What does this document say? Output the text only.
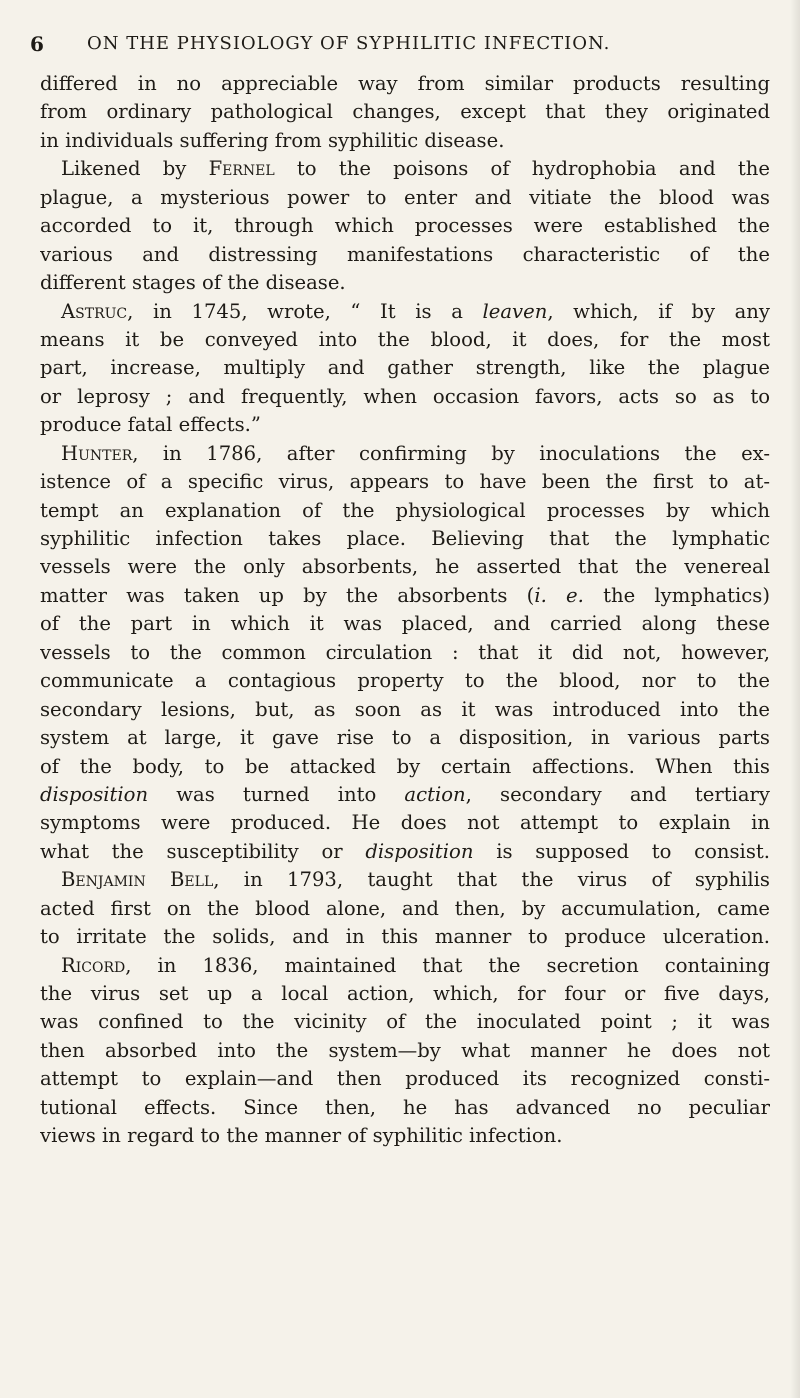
6 ON THE PHYSIOLOGY OF SYPHILITIC INFECTION.
differed in no appreciable way from similar products resulting
from ordinary pathological changes, except that they originated
in individuals suffering from syphilitic disease.
Likened by Fernel to the poisons of hydrophobia and the
plague, a mysterious power to enter and vitiate the blood was
accorded to it, through which processes were established the
various and distressing manifestations characteristic of the
different stages of the disease.
Astruc, in 1745, wrote, “ It is a leaven, which, if by any
means it be conveyed into the blood, it does, for the most
part, increase, multiply and gather strength, like the plague
or leprosy ; and frequently, when occasion favors, acts so as to
produce fatal effects.”
Hunter, in 1786, after confirming by inoculations the ex-
istence of a specific virus, appears to have been the first to at-
tempt an explanation of the physiological processes by which
syphilitic infection takes place. Believing that the lymphatic
vessels were the only absorbents, he asserted that the venereal
matter was taken up by the absorbents (i. e. the lymphatics)
of the part in which it was placed, and carried along these
vessels to the common circulation : that it did not, however,
communicate a contagious property to the blood, nor to the
secondary lesions, but, as soon as it was introduced into the
system at large, it gave rise to a disposition, in various parts
of the body, to be attacked by certain affections. When this
disposition was turned into action, secondary and tertiary
symptoms were produced. He does not attempt to explain in
what the susceptibility or disposition is supposed to consist.
Benjamin Bell, in 1793, taught that the virus of syphilis
acted first on the blood alone, and then, by accumulation, came
to irritate the solids, and in this manner to produce ulceration.
Ricord, in 1836, maintained that the secretion containing
the virus set up a local action, which, for four or five days,
was confined to the vicinity of the inoculated point ; it was
then absorbed into the system—by what manner he does not
attempt to explain—and then produced its recognized consti-
tutional effects. Since then, he has advanced no peculiar
views in regard to the manner of syphilitic infection.
